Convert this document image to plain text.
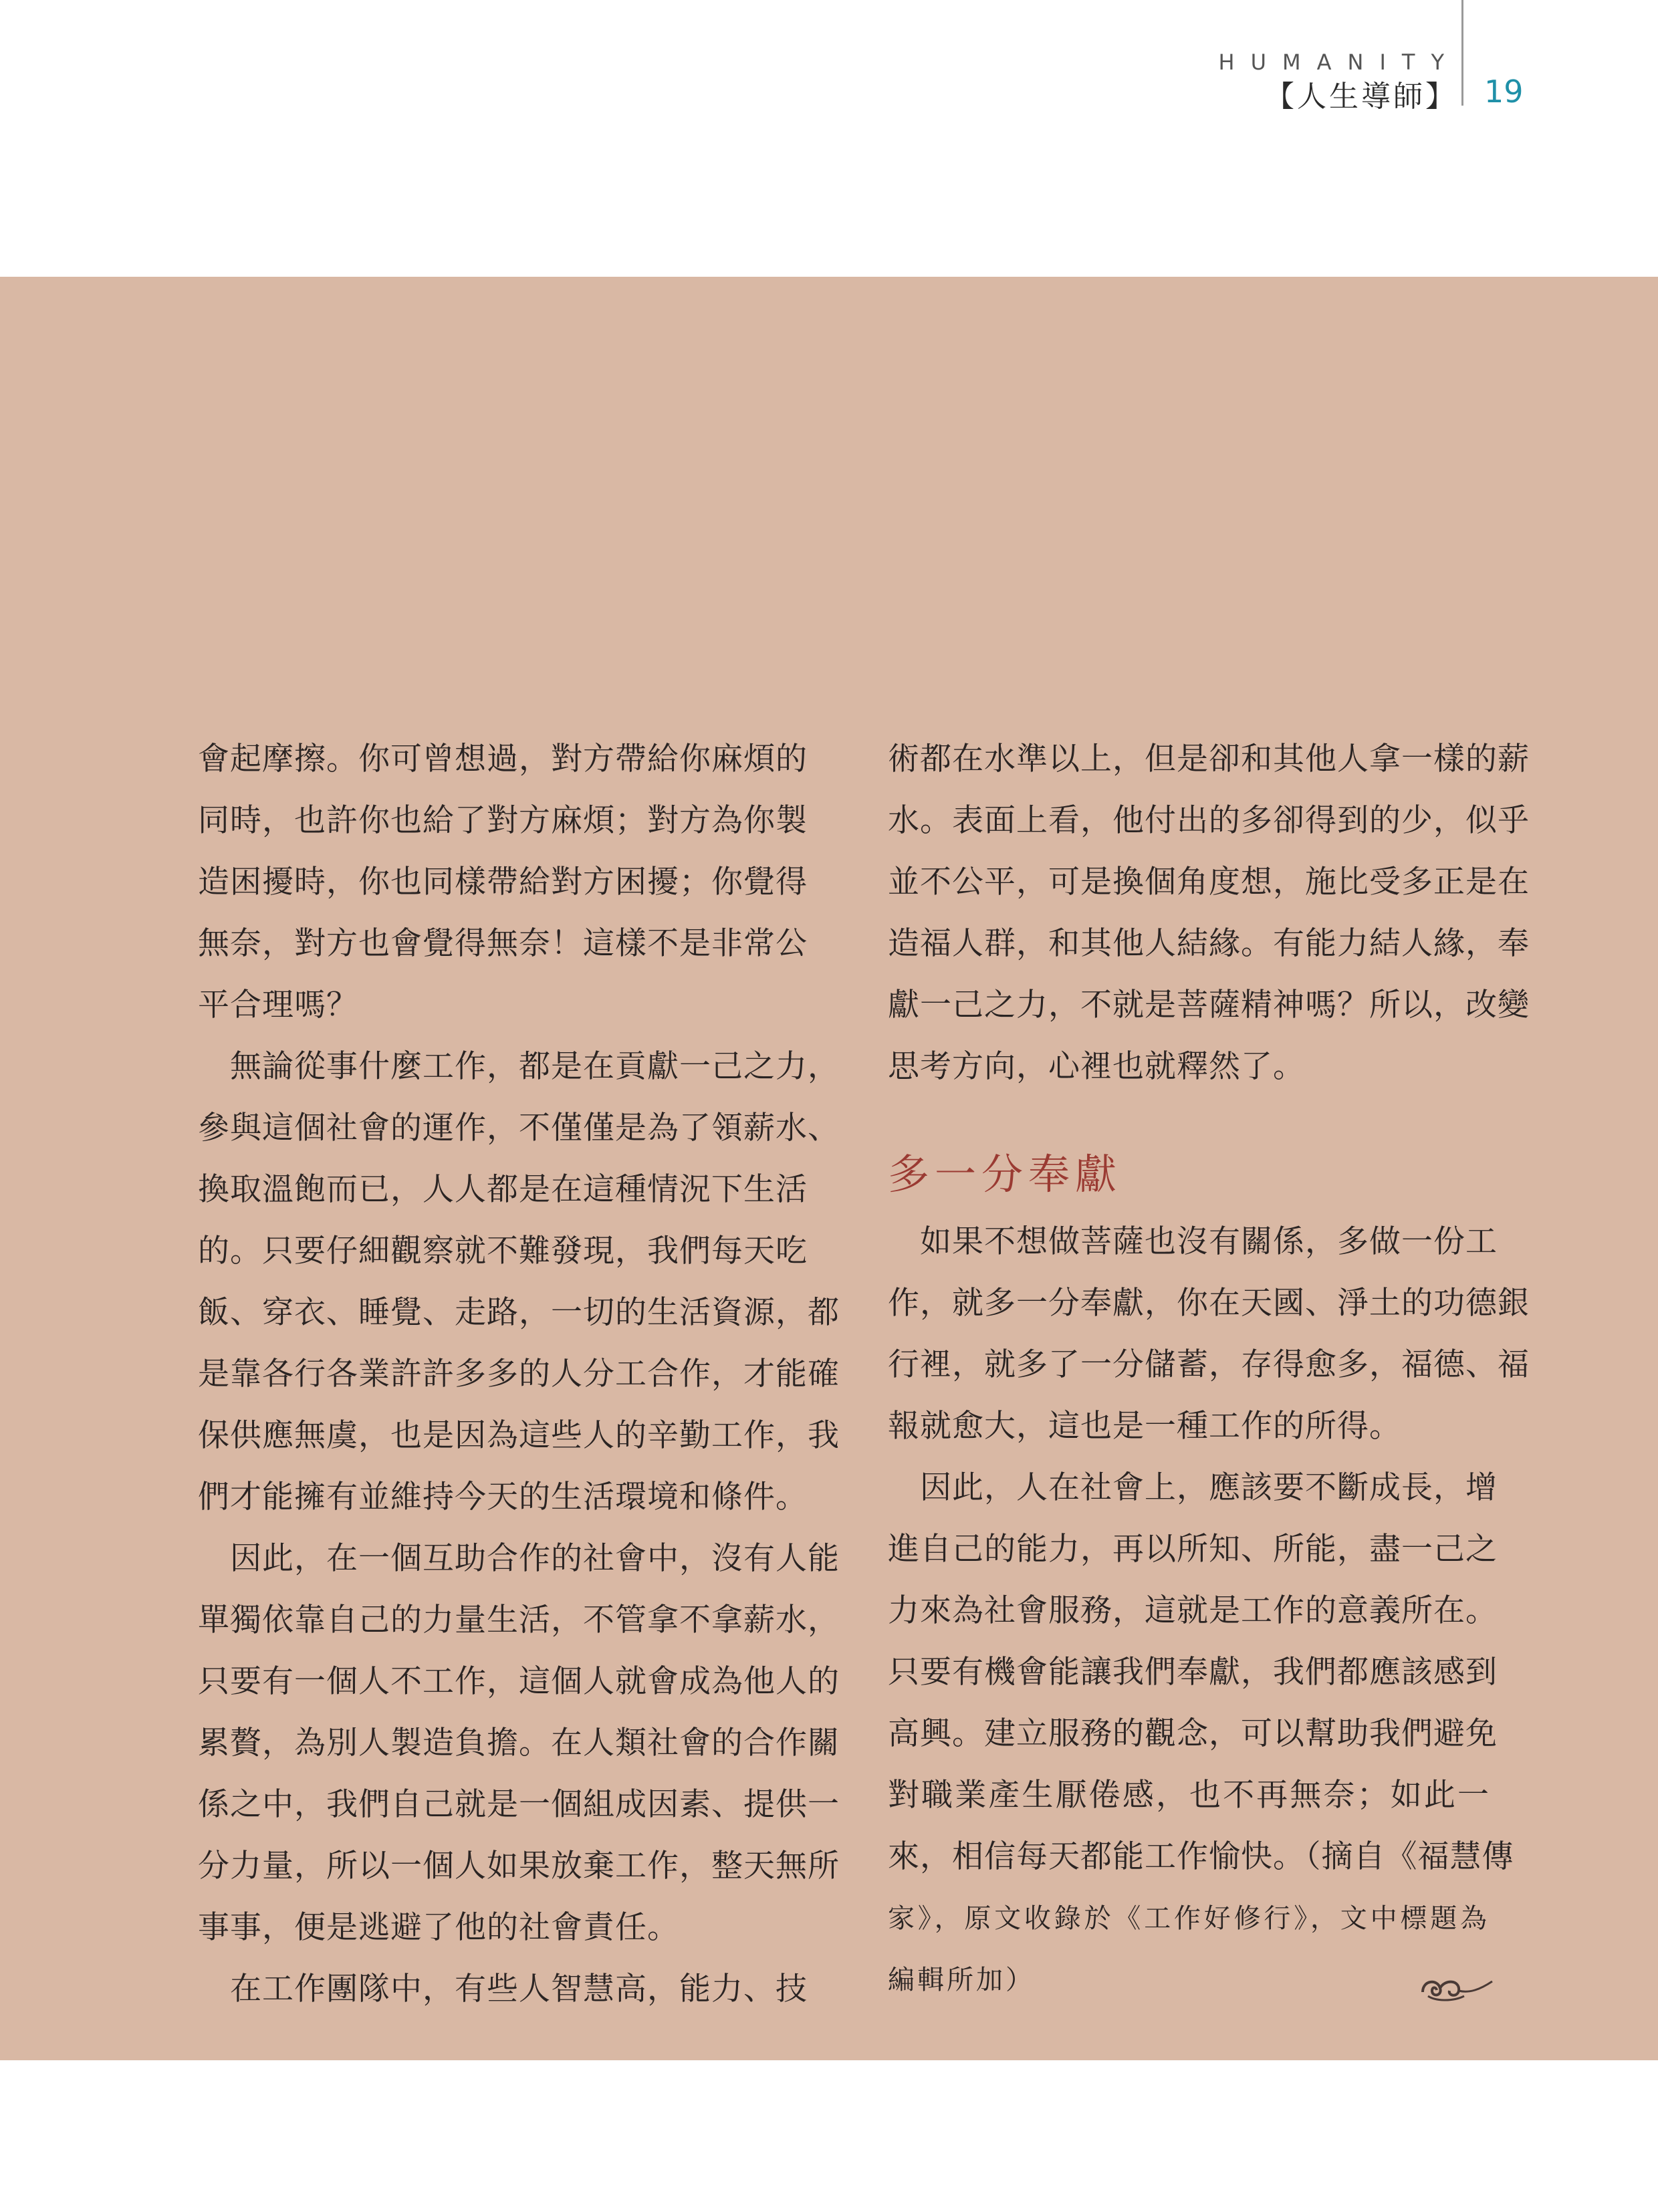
HUMANITY
【人生導師】 19
會起摩擦。你可曾想過，對方帶給你麻煩的
同時，也許你也給了對方麻煩；對方為你製
造困擾時，你也同樣帶給對方困擾；你覺得
無奈，對方也會覺得無奈！這樣不是非常公
平合理嗎？
無論從事什麼工作，都是在貢獻一己之力，
參與這個社會的運作，不僅僅是為了領薪水、
換取溫飽而已，人人都是在這種情況下生活
的。只要仔細觀察就不難發現，我們每天吃
飯、穿衣、睡覺、走路，一切的生活資源，都
是靠各行各業許許多多的人分工合作，才能確
保供應無虞，也是因為這些人的辛勤工作，我
們才能擁有並維持今天的生活環境和條件。
因此，在一個互助合作的社會中，沒有人能
單獨依靠自己的力量生活，不管拿不拿薪水，
只要有一個人不工作，這個人就會成為他人的
累贅，為別人製造負擔。在人類社會的合作關
係之中，我們自己就是一個組成因素、提供一
分力量，所以一個人如果放棄工作，整天無所
事事，便是逃避了他的社會責任。
在工作團隊中，有些人智慧高，能力、技
術都在水準以上，但是卻和其他人拿一樣的薪
水。表面上看，他付出的多卻得到的少，似乎
並不公平，可是換個角度想，施比受多正是在
造福人群，和其他人結緣。有能力結人緣，奉
獻一己之力，不就是菩薩精神嗎？所以，改變
思考方向，心裡也就釋然了。
多一分奉獻
如果不想做菩薩也沒有關係，多做一份工
作，就多一分奉獻，你在天國、淨土的功德銀
行裡，就多了一分儲蓄，存得愈多，福德、福
報就愈大，這也是一種工作的所得。
因此，人在社會上，應該要不斷成長，增
進自己的能力，再以所知、所能，盡一己之
力來為社會服務，這就是工作的意義所在。
只要有機會能讓我們奉獻，我們都應該感到
高興。建立服務的觀念，可以幫助我們避免
對職業產生厭倦感，也不再無奈；如此一
來，相信每天都能工作愉快。（摘自《福慧傳
家》，原文收錄於《工作好修行》，文中標題為
編輯所加）
